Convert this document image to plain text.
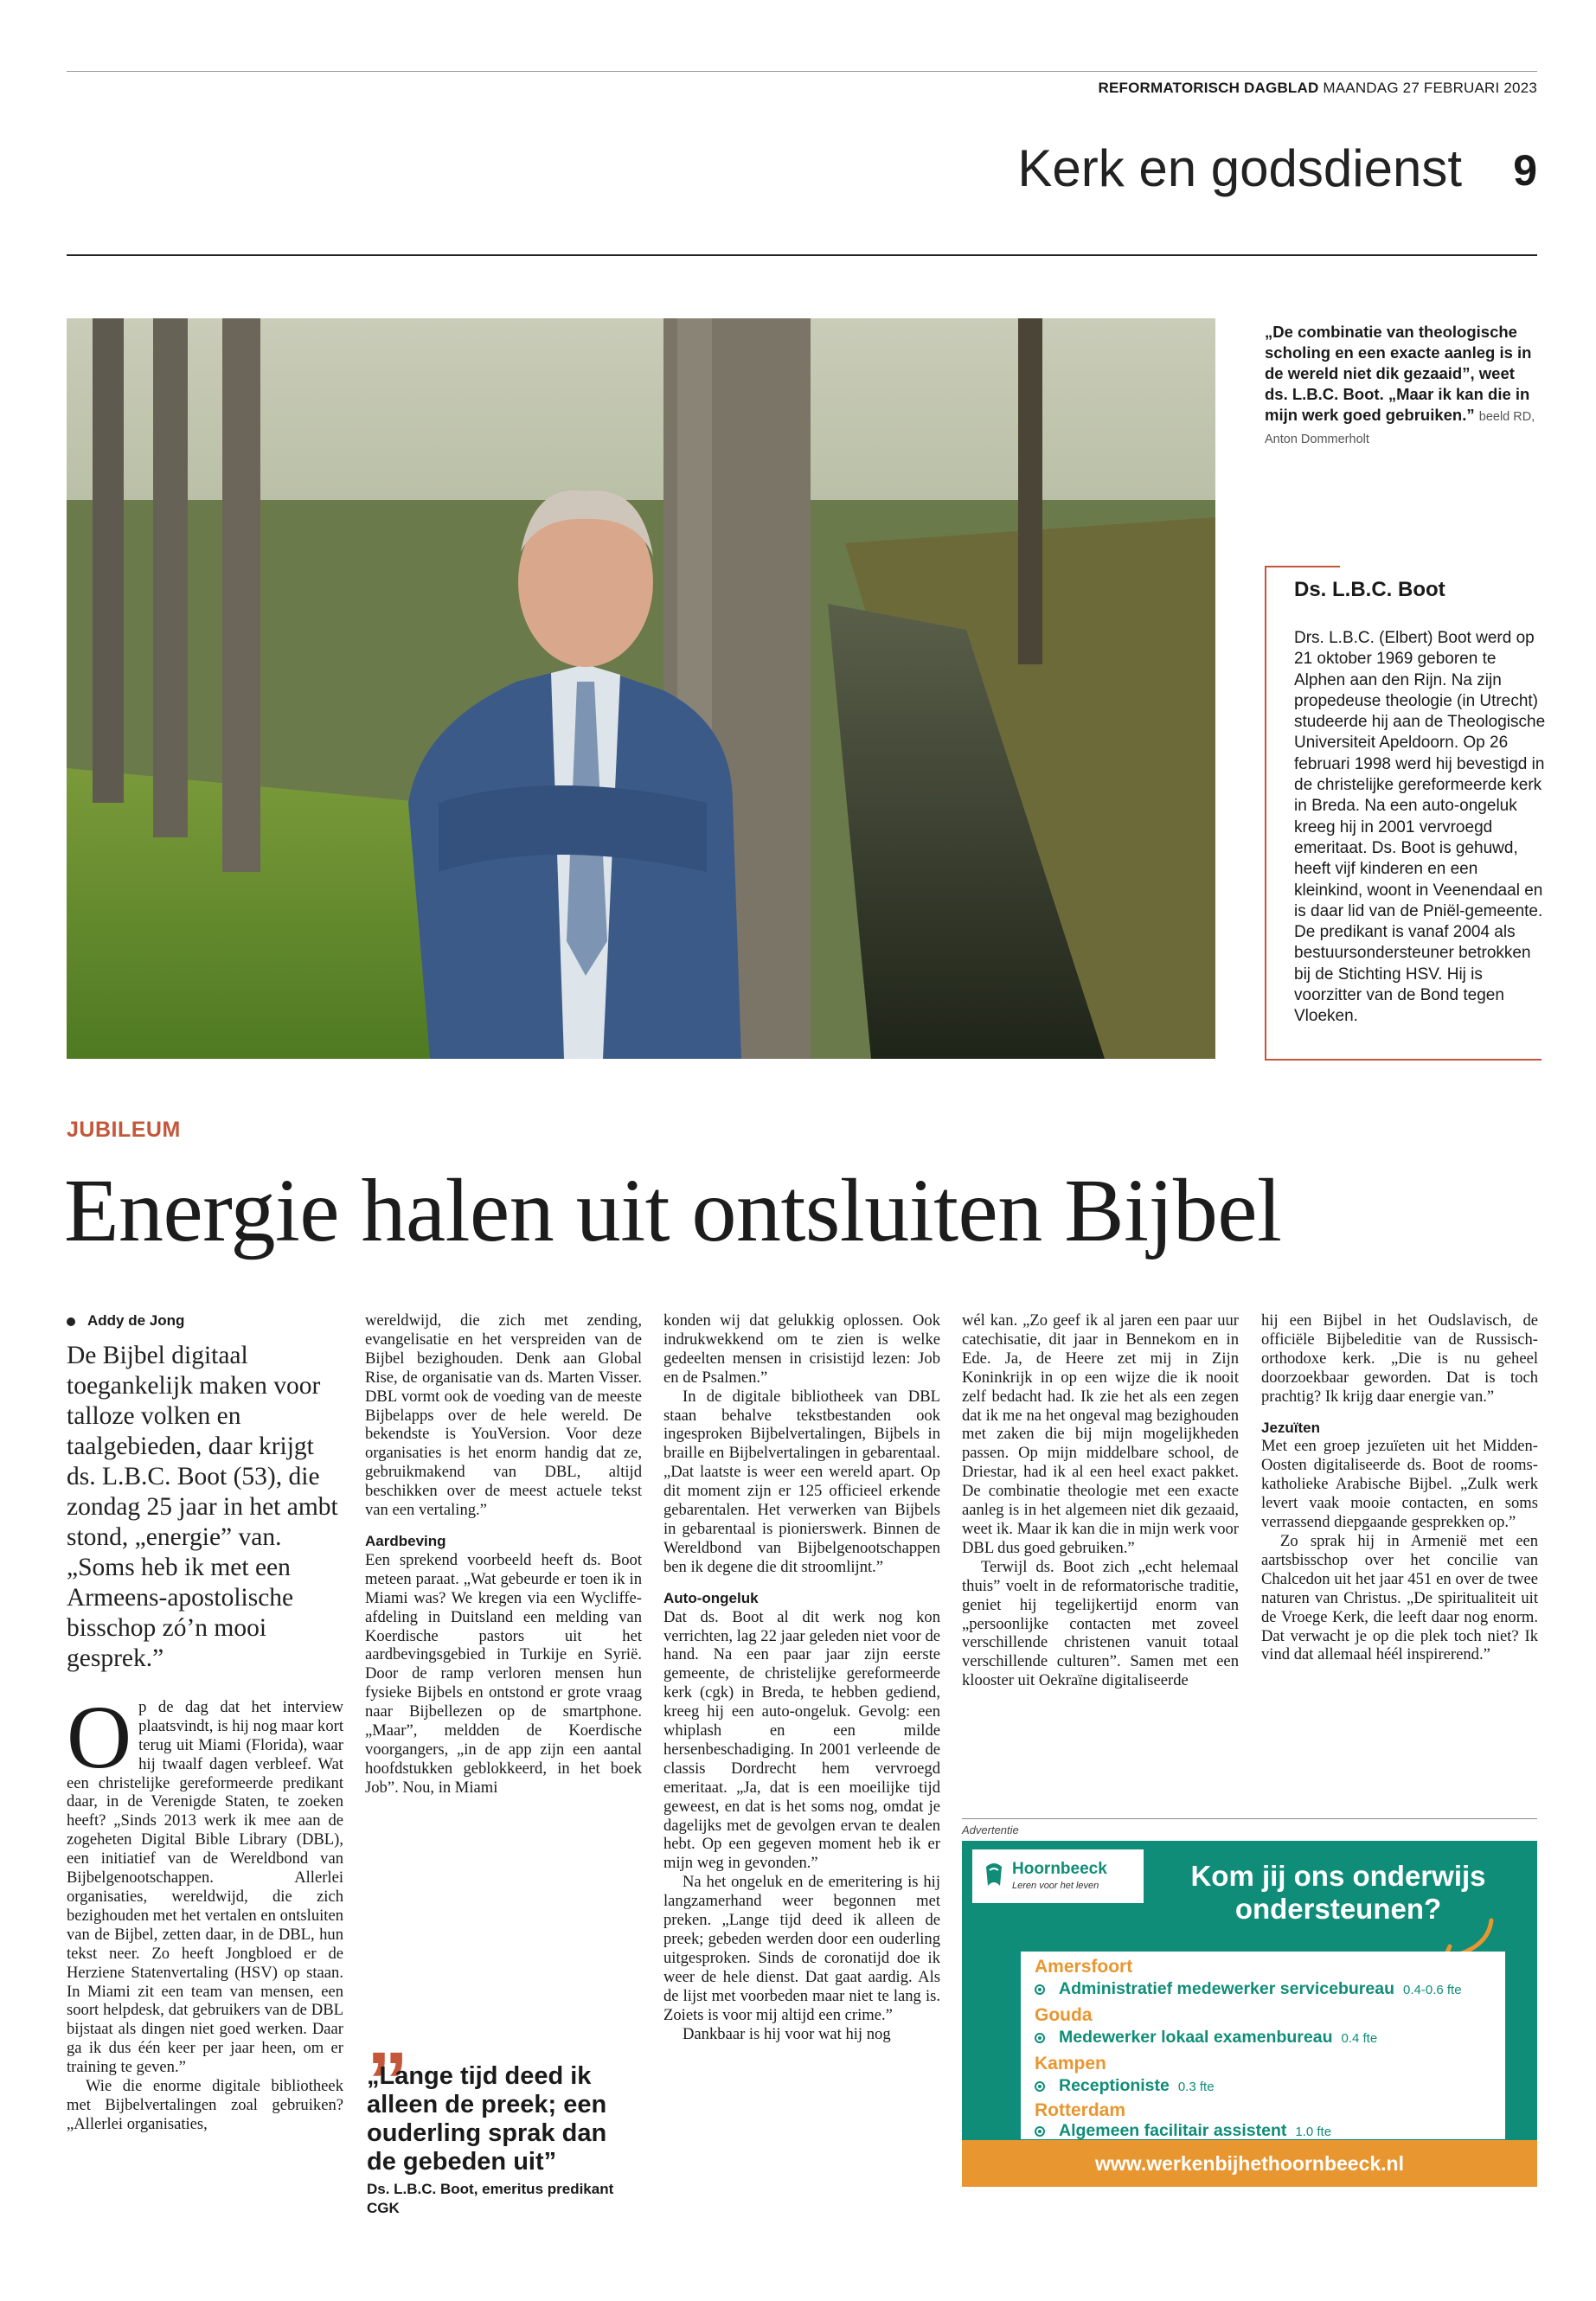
REFORMATORISCH DAGBLAD MAANDAG 27 FEBRUARI 2023
Kerk en godsdienst 9
„De combinatie van theologische scholing en een exacte aanleg is in de wereld niet dik gezaaid”, weet ds. L.B.C. Boot. „Maar ik kan die in mijn werk goed gebruiken.” beeld RD, Anton Dommerholt
Ds. L.B.C. Boot
Drs. L.B.C. (Elbert) Boot werd op 21 oktober 1969 geboren te Alphen aan den Rijn. Na zijn propedeuse theologie (in Utrecht) studeerde hij aan de Theologische Universiteit Apeldoorn. Op 26 februari 1998 werd hij bevestigd in de christelijke gereformeerde kerk in Breda. Na een auto-ongeluk kreeg hij in 2001 vervroegd emeritaat. Ds. Boot is gehuwd, heeft vijf kinderen en een kleinkind, woont in Veenendaal en is daar lid van de Pniël-gemeente. De predikant is vanaf 2004 als bestuursondersteuner betrokken bij de Stichting HSV. Hij is voorzitter van de Bond tegen Vloeken.
JUBILEUM
Energie halen uit ontsluiten Bijbel
Addy de Jong
De Bijbel digitaal toegankelijk maken voor talloze volken en taalgebieden, daar krijgt ds. L.B.C. Boot (53), die zondag 25 jaar in het ambt stond, „energie” van. „Soms heb ik met een Armeens-apostolische bisschop zó’n mooi gesprek.”

Op de dag dat het interview plaatsvindt, is hij nog maar kort terug uit Miami (Florida), waar hij twaalf dagen verbleef. Wat een christelijke gereformeerde predikant daar, in de Verenigde Staten, te zoeken heeft? „Sinds 2013 werk ik mee aan de zogeheten Digital Bible Library (DBL), een initiatief van de Wereldbond van Bijbelgenootschappen. Allerlei organisaties, wereldwijd, die zich bezighouden met het vertalen en ontsluiten van de Bijbel, zetten daar, in de DBL, hun tekst neer. Zo heeft Jongbloed er de Herziene Statenvertaling (HSV) op staan. In Miami zit een team van mensen, een soort helpdesk, dat gebruikers van de DBL bijstaat als dingen niet goed werken. Daar ga ik dus één keer per jaar heen, om er training te geven.”

Wie die enorme digitale bibliotheek met Bijbelvertalingen zoal gebruiken? „Allerlei organisaties,

wereldwijd, die zich met zending, evangelisatie en het verspreiden van de Bijbel bezighouden. Denk aan Global Rise, de organisatie van ds. Marten Visser. DBL vormt ook de voeding van de meeste Bijbelapps over de hele wereld. De bekendste is YouVersion. Voor deze organisaties is het enorm handig dat ze, gebruikmakend van DBL, altijd beschikken over de meest actuele tekst van een vertaling.”

Aardbeving

Een sprekend voorbeeld heeft ds. Boot meteen paraat. „Wat gebeurde er toen ik in Miami was? We kregen via een Wycliffe-afdeling in Duitsland een melding van Koerdische pastors uit het aardbevingsgebied in Turkije en Syrië. Door de ramp verloren mensen hun fysieke Bijbels en ontstond er grote vraag naar Bijbellezen op de smartphone. „Maar”, meldden de Koerdische voorgangers, „in de app zijn een aantal hoofdstukken geblokkeerd, in het boek Job”. Nou, in Miami

konden wij dat gelukkig oplossen. Ook indrukwekkend om te zien is welke gedeelten mensen in crisistijd lezen: Job en de Psalmen.”

In de digitale bibliotheek van DBL staan behalve tekstbestanden ook ingesproken Bijbelvertalingen, Bijbels in braille en Bijbelvertalingen in gebarentaal. „Dat laatste is weer een wereld apart. Op dit moment zijn er 125 officieel erkende gebarentalen. Het verwerken van Bijbels in gebarentaal is pionierswerk. Binnen de Wereldbond van Bijbelgenootschappen ben ik degene die dit stroomlijnt.”

Auto-ongeluk

Dat ds. Boot al dit werk nog kon verrichten, lag 22 jaar geleden niet voor de hand. Na een paar jaar zijn eerste gemeente, de christelijke gereformeerde kerk (cgk) in Breda, te hebben gediend, kreeg hij een auto-ongeluk. Gevolg: een whiplash en een milde hersenbeschadiging. In 2001 verleende de classis Dordrecht hem vervroegd emeritaat. „Ja, dat is een moeilijke tijd geweest, en dat is het soms nog, omdat je dagelijks met de gevolgen ervan te dealen hebt. Op een gegeven moment heb ik er mijn weg in gevonden.”

Na het ongeluk en de emeritering is hij langzamerhand weer begonnen met preken. „Lange tijd deed ik alleen de preek; gebeden werden door een ouderling uitgesproken. Sinds de coronatijd doe ik weer de hele dienst. Dat gaat aardig. Als de lijst met voorbeden maar niet te lang is. Zoiets is voor mij altijd een crime.”

Dankbaar is hij voor wat hij nog

wél kan. „Zo geef ik al jaren een paar uur catechisatie, dit jaar in Bennekom en in Ede. Ja, de Heere zet mij in Zijn Koninkrijk in op een wijze die ik nooit zelf bedacht had. Ik zie het als een zegen dat ik me na het ongeval mag bezighouden met zaken die bij mijn mogelijkheden passen. Op mijn middelbare school, de Driestar, had ik al een heel exact pakket. De combinatie theologie met een exacte aanleg is in het algemeen niet dik gezaaid, weet ik. Maar ik kan die in mijn werk voor DBL dus goed gebruiken.”

Terwijl ds. Boot zich „echt helemaal thuis” voelt in de reformatorische traditie, geniet hij tegelijkertijd enorm van „persoonlijke contacten met zoveel verschillende christenen vanuit totaal verschillende culturen”. Samen met een klooster uit Oekraïne digitaliseerde

hij een Bijbel in het Oudslavisch, de officiële Bijbeleditie van de Russisch-orthodoxe kerk. „Die is nu geheel doorzoekbaar geworden. Dat is toch prachtig? Ik krijg daar energie van.”

Jezuïten

Met een groep jezuïeten uit het Midden-Oosten digitaliseerde ds. Boot de rooms-katholieke Arabische Bijbel. „Zulk werk levert vaak mooie contacten, en soms verrassend diepgaande gesprekken op.”

Zo sprak hij in Armenië met een aartsbisschop over het concilie van Chalcedon uit het jaar 451 en over de twee naturen van Christus. „De spiritualiteit uit de Vroege Kerk, die leeft daar nog enorm. Dat verwacht je op die plek toch niet? Ik vind dat allemaal héél inspirerend.”

„
„Lange tijd deed ik alleen de preek; een ouderling sprak dan de gebeden uit”
Ds. L.B.C. Boot, emeritus predikant CGK
Advertentie
Hoornbeeck
Leren voor het leven	Kom jij ons onderwijs ondersteunen?
Amersfoort
Administratief medewerker servicebureau 0.4-0.6 fte
Gouda
Medewerker lokaal examenbureau 0.4 fte
Kampen
Receptioniste 0.3 fte
Rotterdam
Algemeen facilitair assistent 1.0 fte
www.werkenbijhethoornbeeck.nl
